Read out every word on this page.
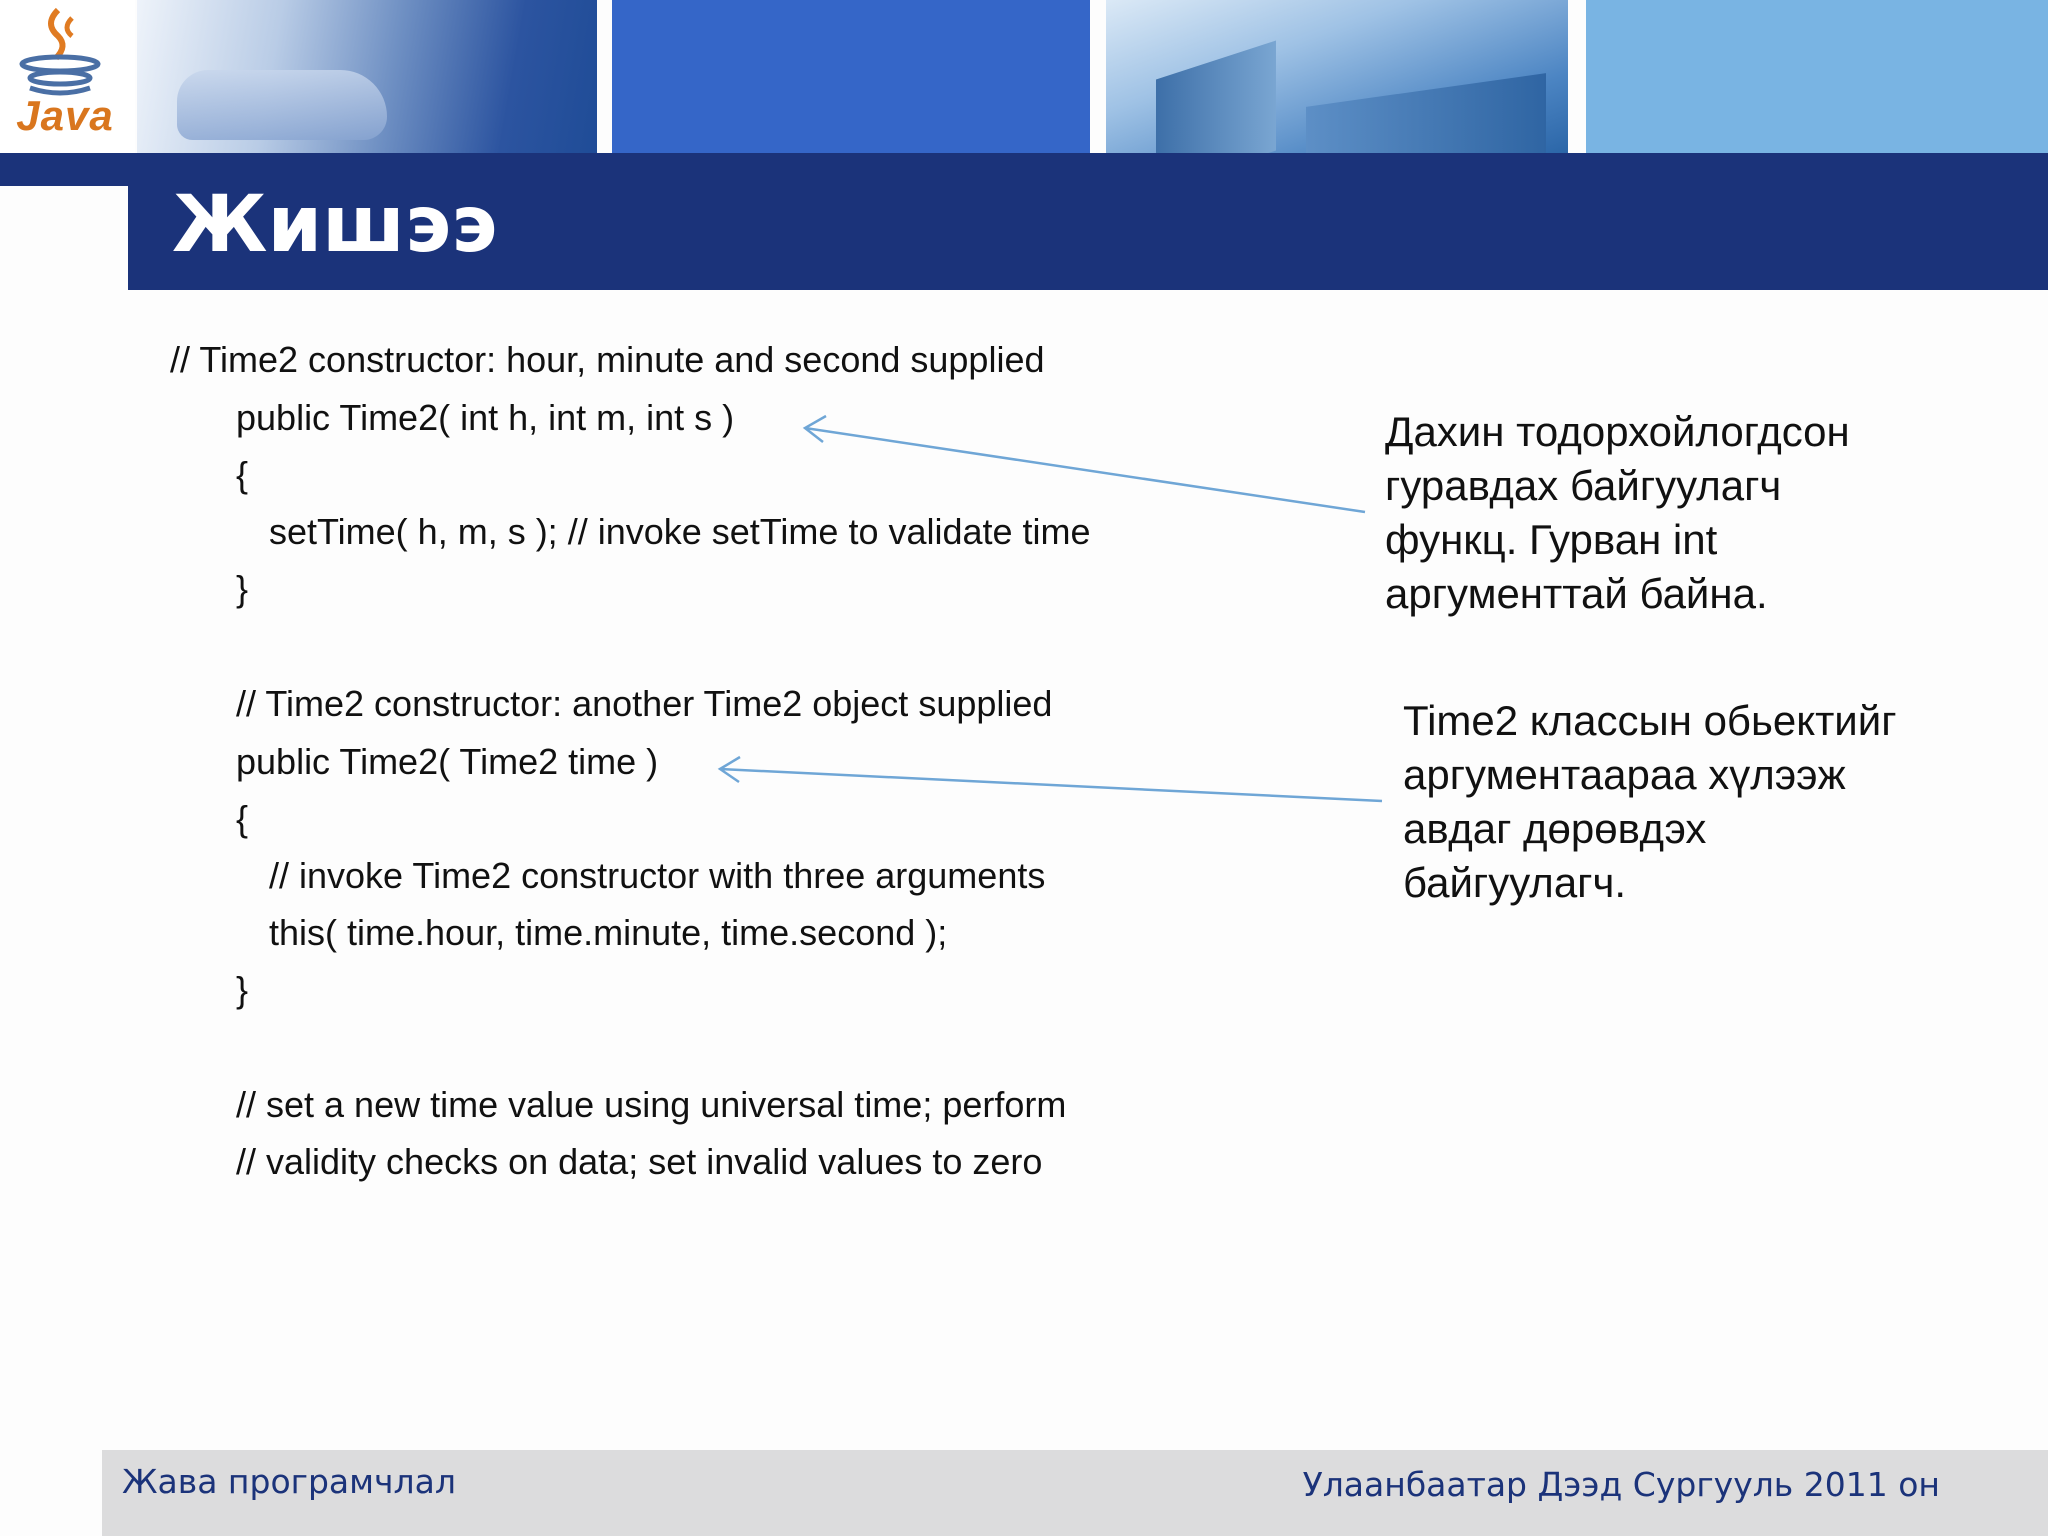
Java
Жишээ

// Time2 constructor: hour, minute and second supplied

public Time2( int h, int m, int s )

{

setTime( h, m, s ); // invoke setTime to validate time

}

// Time2 constructor: another Time2 object supplied

public Time2( Time2 time )

{

// invoke Time2 constructor with three arguments

this( time.hour, time.minute, time.second );

}

// set a new time value using universal time; perform

// validity checks on data; set invalid values to zero

Дахин тодорхойлогдсон
гуравдах байгуулагч
функц. Гурван int
аргументтай байна.
Time2 классын обьектийг
аргументаараа хүлээж
авдаг дөрөвдэх
байгуулагч.
Жава програмчлал	Улаанбаатар Дээд Сургууль 2011 он
